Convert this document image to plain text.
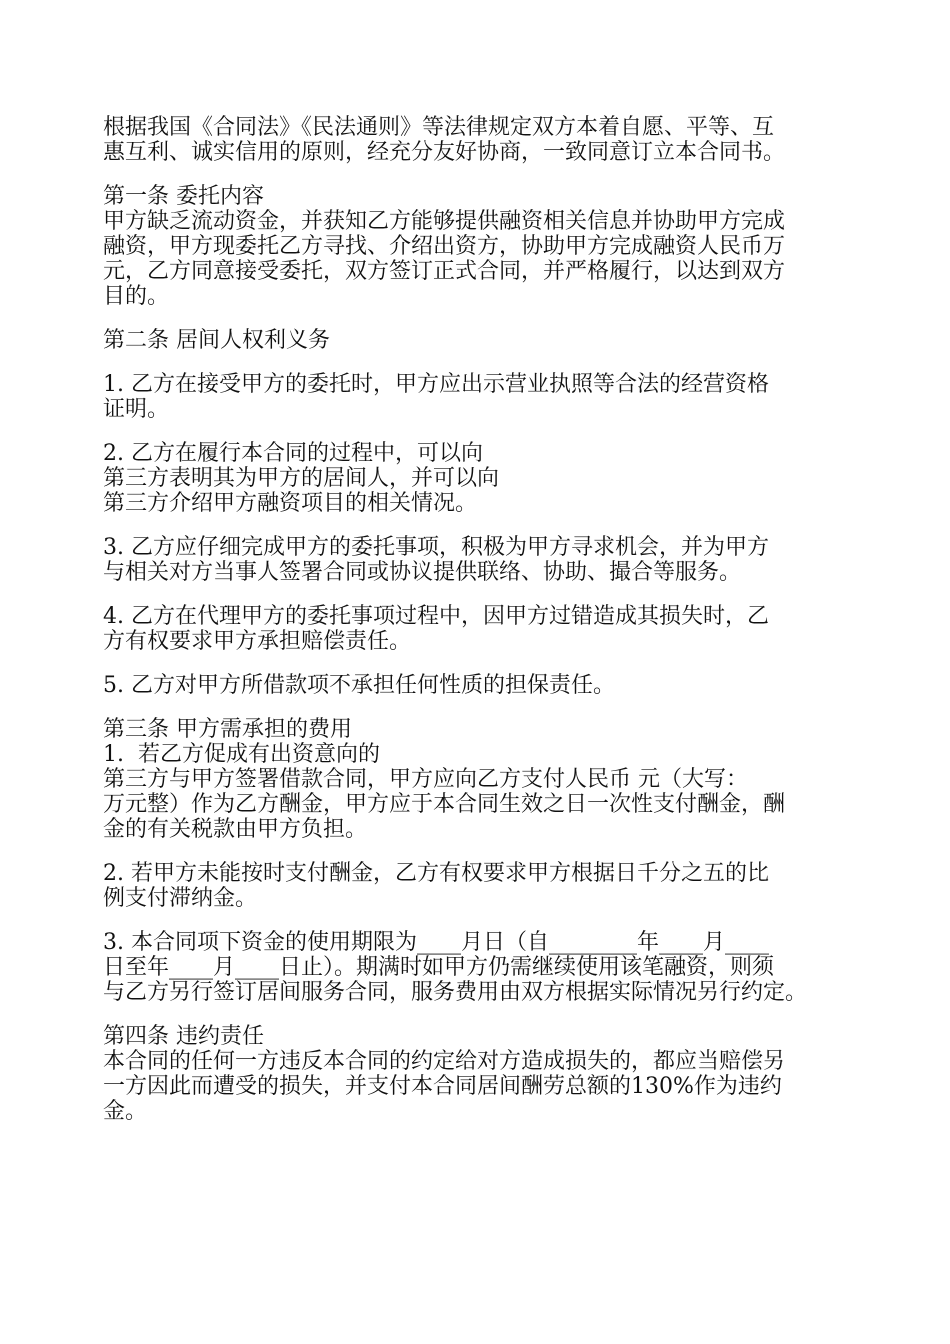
根据我国《合同法》《民法通则》等法律规定双方本着自愿、平等、互
惠互利、诚实信用的原则，经充分友好协商，一致同意订立本合同书。
第一条 委托内容
甲方缺乏流动资金，并获知乙方能够提供融资相关信息并协助甲方完成
融资，甲方现委托乙方寻找、介绍出资方，协助甲方完成融资人民币万
元，乙方同意接受委托，双方签订正式合同，并严格履行，以达到双方
目的。
第二条 居间人权利义务
1. 乙方在接受甲方的委托时，甲方应出示营业执照等合法的经营资格
证明。
2. 乙方在履行本合同的过程中，可以向
第三方表明其为甲方的居间人，并可以向
第三方介绍甲方融资项目的相关情况。
3. 乙方应仔细完成甲方的委托事项，积极为甲方寻求机会，并为甲方
与相关对方当事人签署合同或协议提供联络、协助、撮合等服务。
4. 乙方在代理甲方的委托事项过程中，因甲方过错造成其损失时，乙
方有权要求甲方承担赔偿责任。
5. 乙方对甲方所借款项不承担任何性质的担保责任。
第三条 甲方需承担的费用
1.  若乙方促成有出资意向的
第三方与甲方签署借款合同，甲方应向乙方支付人民币 元（大写：
万元整）作为乙方酬金，甲方应于本合同生效之日一次性支付酬金，酬
金的有关税款由甲方负担。
2. 若甲方未能按时支付酬金，乙方有权要求甲方根据日千分之五的比
例支付滞纳金。
3. 本合同项下资金的使用期限为____月日（自________年____月____
日至年____月____日止）。期满时如甲方仍需继续使用该笔融资，则须
与乙方另行签订居间服务合同，服务费用由双方根据实际情况另行约定。
第四条 违约责任
本合同的任何一方违反本合同的约定给对方造成损失的，都应当赔偿另
一方因此而遭受的损失，并支付本合同居间酬劳总额的130%作为违约
金。
